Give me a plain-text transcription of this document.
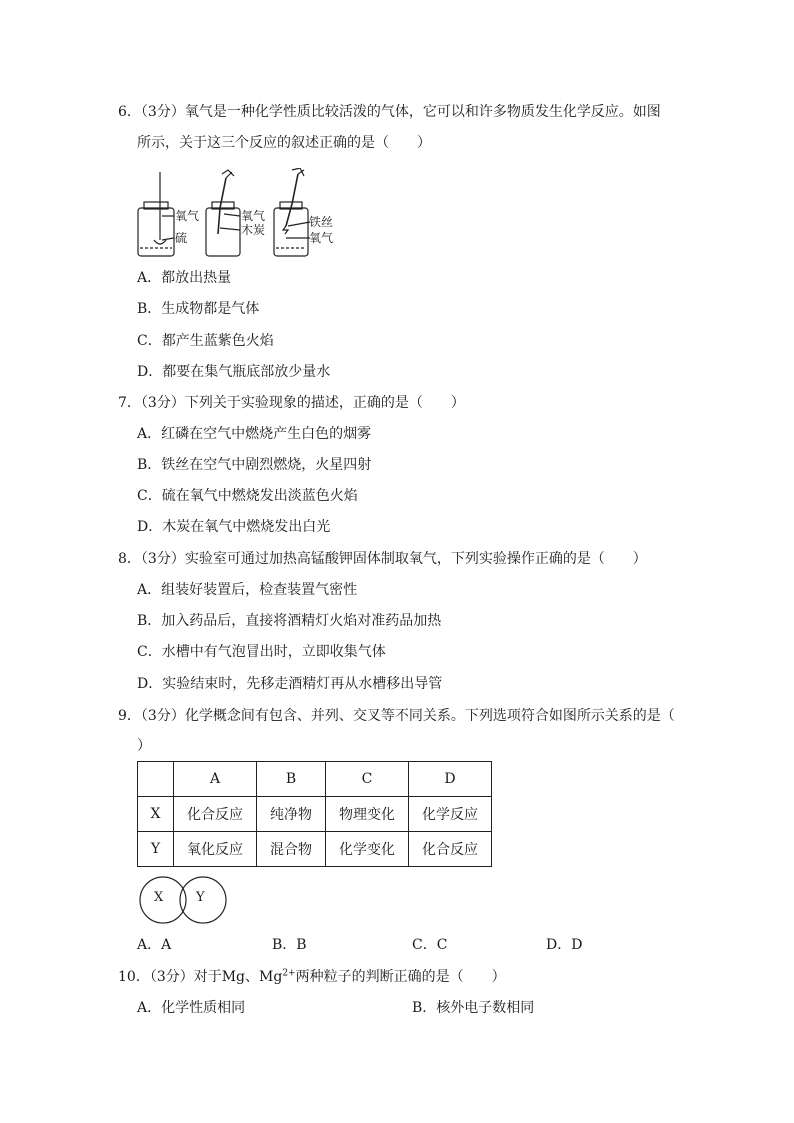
6．（3分）氧气是一种化学性质比较活泼的气体，它可以和许多物质发生化学反应。如图
所示，关于这三个反应的叙述正确的是（　　）
氧气
硫
氧气
木炭
铁丝
氧气
A．都放出热量
B．生成物都是气体
C．都产生蓝紫色火焰
D．都要在集气瓶底部放少量水
7．（3分）下列关于实验现象的描述，正确的是（　　）
A．红磷在空气中燃烧产生白色的烟雾
B．铁丝在空气中剧烈燃烧，火星四射
C．硫在氧气中燃烧发出淡蓝色火焰
D．木炭在氧气中燃烧发出白光
8．（3分）实验室可通过加热高锰酸钾固体制取氧气，下列实验操作正确的是（　　）
A．组装好装置后，检查装置气密性
B．加入药品后，直接将酒精灯火焰对准药品加热
C．水槽中有气泡冒出时，立即收集气体
D．实验结束时，先移走酒精灯再从水槽移出导管
9．（3分）化学概念间有包含、并列、交叉等不同关系。下列选项符合如图所示关系的是（
）
	A	B	C	D
X	化合反应	纯净物	物理变化	化学反应
Y	氧化反应	混合物	化学变化	化合反应
X	Y
A．A	B．B	C．C	D．D
10．（3分）对于Mg、$Mg^{2+}$两种粒子的判断正确的是（　　）
A．化学性质相同	B．核外电子数相同
